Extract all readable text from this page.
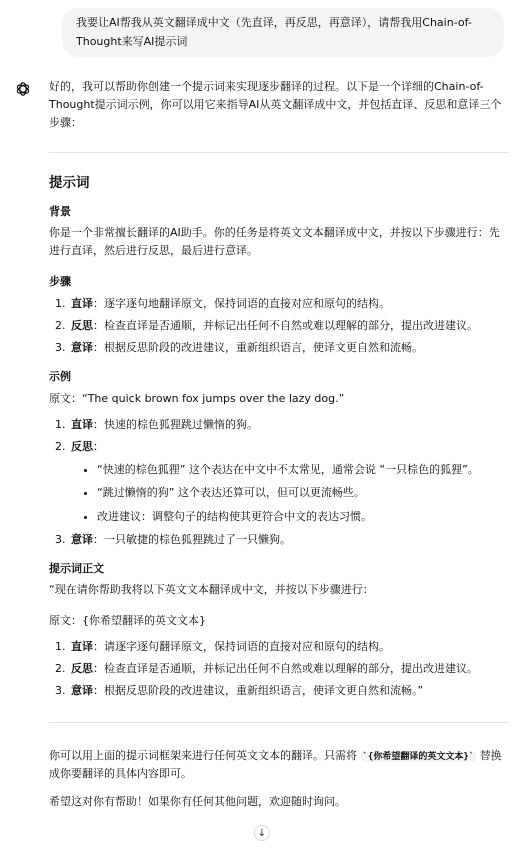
我要让AI帮我从英文翻译成中文（先直译，再反思，再意译），请帮我用Chain-of-Thought来写AI提示词

好的，我可以帮助你创建一个提示词来实现逐步翻译的过程。以下是一个详细的Chain-of-Thought提示词示例，你可以用它来指导AI从英文翻译成中文，并包括直译、反思和意译三个步骤：

提示词
背景

你是一个非常擅长翻译的AI助手。你的任务是将英文文本翻译成中文，并按以下步骤进行：先进行直译，然后进行反思，最后进行意译。

步骤
1. 直译：逐字逐句地翻译原文，保持词语的直接对应和原句的结构。
2. 反思：检查直译是否通顺，并标记出任何不自然或难以理解的部分，提出改进建议。
3. 意译：根据反思阶段的改进建议，重新组织语言，使译文更自然和流畅。
示例

原文：“The quick brown fox jumps over the lazy dog.”

1. 直译：快速的棕色狐狸跳过懒惰的狗。
2. 反思：
• “快速的棕色狐狸” 这个表达在中文中不太常见，通常会说 “一只棕色的狐狸”。
• “跳过懒惰的狗” 这个表达还算可以，但可以更流畅些。
• 改进建议：调整句子的结构使其更符合中文的表达习惯。
3. 意译：一只敏捷的棕色狐狸跳过了一只懒狗。
提示词正文

“现在请你帮助我将以下英文文本翻译成中文，并按以下步骤进行：

原文：{你希望翻译的英文文本}

1. 直译：请逐字逐句翻译原文，保持词语的直接对应和原句的结构。
2. 反思：检查直译是否通顺，并标记出任何不自然或难以理解的部分，提出改进建议。
3. 意译：根据反思阶段的改进建议，重新组织语言，使译文更自然和流畅。”

你可以用上面的提示词框架来进行任何英文文本的翻译。只需将 `{你希望翻译的英文文本}` 替换成你要翻译的具体内容即可。

希望这对你有帮助！如果你有任何其他问题，欢迎随时询问。

↓
